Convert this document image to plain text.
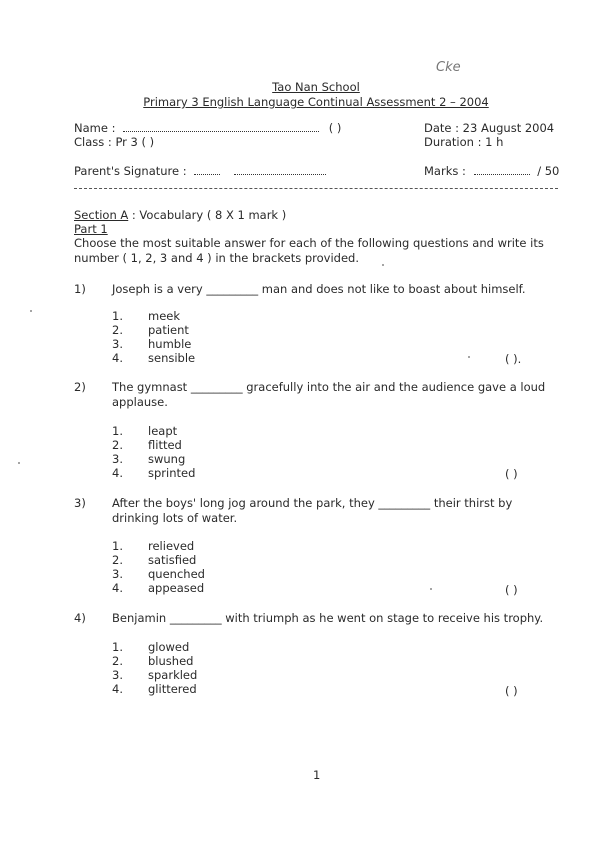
Cke
Tao Nan School
Primary 3 English Language Continual Assessment 2 – 2004
Name :	( )
Class : Pr 3 ( )
Date : 23 August 2004
Duration : 1 h
Parent's Signature :	Marks :	/ 50
Section A : Vocabulary ( 8 X 1 mark )
Part 1
Choose the most suitable answer for each of the following questions and write its number ( 1, 2, 3 and 4 ) in the brackets provided.
1) Joseph is a very _________ man and does not like to boast about himself.
1. meek
2. patient
3. humble
4. sensible	( ).
2) The gymnast _________ gracefully into the air and the audience gave a loud applause.
1. leapt
2. flitted
3. swung
4. sprinted	( )
3) After the boys' long jog around the park, they _________ their thirst by drinking lots of water.
1. relieved
2. satisfied
3. quenched
4. appeased	( )
4) Benjamin _________ with triumph as he went on stage to receive his trophy.
1. glowed
2. blushed
3. sparkled
4. glittered	( )
1
